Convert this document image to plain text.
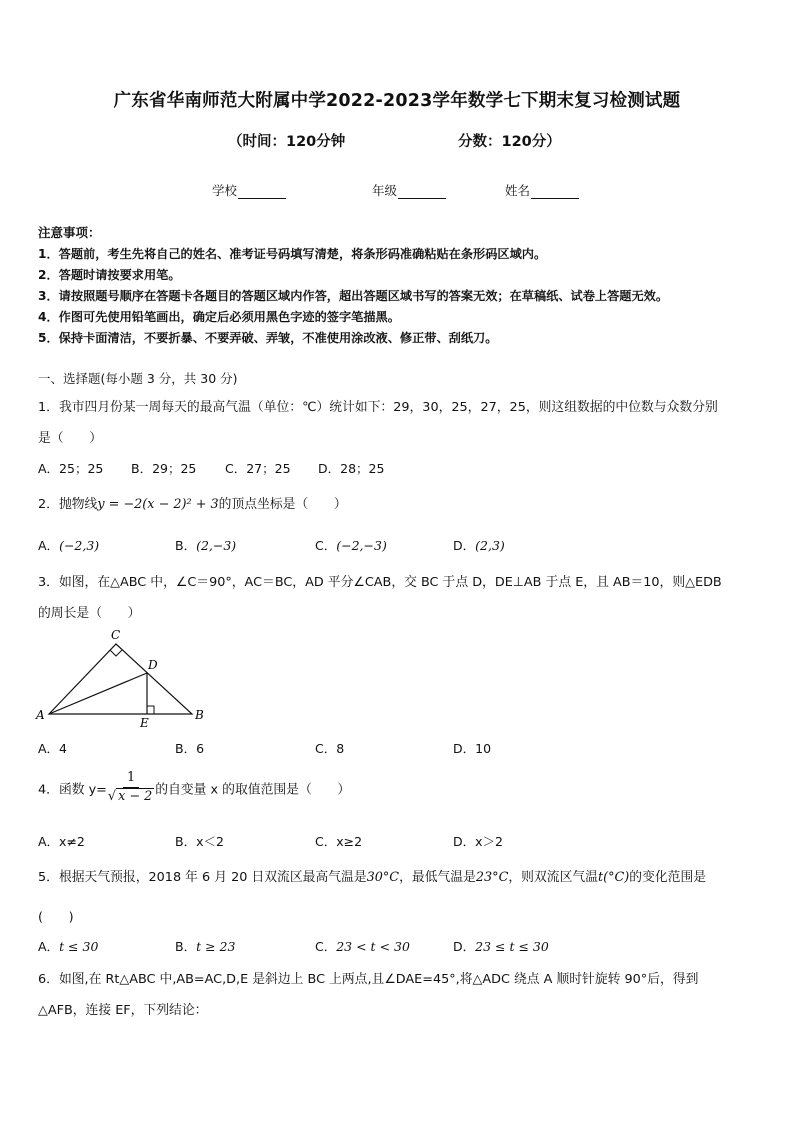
广东省华南师范大附属中学2022-2023学年数学七下期末复习检测试题
（时间：120分钟	分数：120分）
学校	年级	姓名
注意事项：
1．答题前，考生先将自己的姓名、准考证号码填写清楚，将条形码准确粘贴在条形码区域内。
2．答题时请按要求用笔。
3．请按照题号顺序在答题卡各题目的答题区域内作答，超出答题区域书写的答案无效；在草稿纸、试卷上答题无效。
4．作图可先使用铅笔画出，确定后必须用黑色字迹的签字笔描黑。
5．保持卡面清洁，不要折暴、不要弄破、弄皱，不准使用涂改液、修正带、刮纸刀。
一、选择题(每小题 3 分，共 30 分)
1．我市四月份某一周每天的最高气温（单位：℃）统计如下：29，30，25，27，25，则这组数据的中位数与众数分别
是（　　）
A．25；25 B．29；25 C．27；25 D．28；25
2．抛物线y = −2(x − 2)² + 3的顶点坐标是（　　）
A．(−2,3)	B．(2,−3)	C．(−2,−3)	D．(2,3)
3．如图，在△ABC 中，∠C＝90°，AC＝BC，AD 平分∠CAB，交 BC 于点 D，DE⊥AB 于点 E，且 AB＝10，则△EDB
的周长是（　　）
C
D
A	B
E
A．4	B．6	C．8	D．10
4．函数 $y= \frac{1}{√ x - 2}$ 的自变量 x 的取值范围是（　　）
A．x≠2	B．x＜2	C．x≥2	D．x＞2
5．根据天气预报，2018 年 6 月 20 日双流区最高气温是30°C，最低气温是23°C，则双流区气温t(°C)的变化范围是
(　　)
A．t ≤ 30	B．t ≥ 23	C．23 < t < 30	D．23 ≤ t ≤ 30
6．如图,在 Rt△ABC 中,AB=AC,D,E 是斜边上 BC 上两点,且∠DAE=45°,将△ADC 绕点 A 顺时针旋转 90°后，得到
△AFB，连接 EF，下列结论：
